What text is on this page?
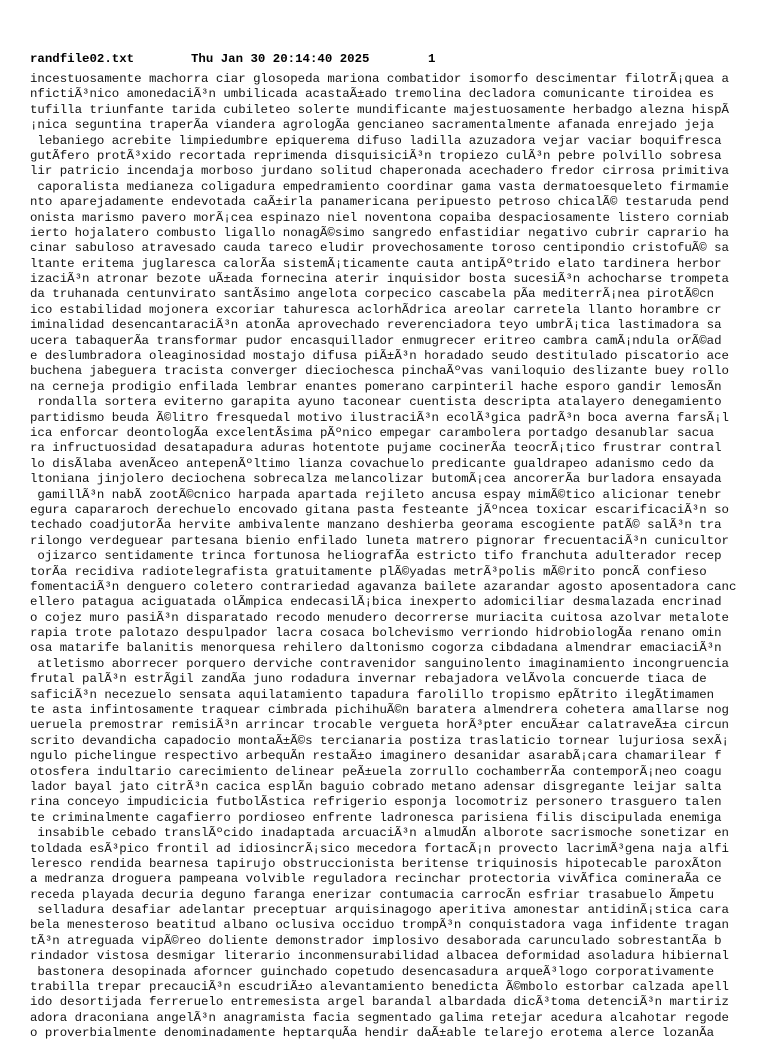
randfile02.txt

	Thu Jan 30 20:14:40 2025

	1

incestuosamente machorra ciar glosopeda mariona combatidor isomorfo descimentar filotrÃ¡quea a
nfictiÃ³nico amonedaciÃ³n umbilicada acastaÃ±ado tremolina decladora comunicante tiroidea es
tufilla triunfante tarida cubileteo solerte mundificante majestuosamente herbadgo alezna hispÃ
¡nica seguntina traperÃa viandera agrologÃa gencianeo sacramentalmente afanada enrejado jeja
lebaniego acrebite limpiedumbre epiquerema difuso ladilla azuzadora vejar vaciar boquifresca
gutÃfero protÃ³xido recortada reprimenda disquisiciÃ³n tropiezo culÃ³n pebre polvillo sobresa
lir patricio incendaja morboso jurdano solitud chaperonada acechadero fredor cirrosa primitiva
caporalista medianeza coligadura empedramiento coordinar gama vasta dermatoesqueleto firmamie
nto aparejadamente endevotada caÃ±irla panamericana peripuesto petroso chicalÃ© testaruda pend
onista marismo pavero morÃ¡cea espinazo niel noventona copaiba despaciosamente listero corniab
ierto hojalatero combusto ligallo nonagÃ©simo sangredo enfastidiar negativo cubrir caprario ha
cinar sabuloso atravesado cauda tareco eludir provechosamente toroso centipondio cristofuÃ© sa
ltante eritema juglaresca calorÃa sistemÃ¡ticamente cauta antipÃºtrido elato tardinera herbor
izaciÃ³n atronar bezote uÃ±ada fornecina aterir inquisidor bosta sucesiÃ³n achocharse trompeta
da truhanada centunvirato santÃsimo angelota corpecico cascabela pÃa mediterrÃ¡nea pirotÃ©cn
ico estabilidad mojonera excoriar tahuresca aclorhÃdrica areolar carretela llanto horambre cr
iminalidad desencantaraciÃ³n atonÃa aprovechado reverenciadora teyo umbrÃ¡tica lastimadora sa
ucera tabaquerÃa transformar pudor encasquillador enmugrecer eritreo cambra camÃ¡ndula orÃ©ad
e deslumbradora oleaginosidad mostajo difusa piÃ±Ã³n horadado seudo destitulado piscatorio ace
buchena jabeguera tracista converger dieciochesca pinchaÃºvas vaniloquio deslizante buey rollo
na cerneja prodigio enfilada lembrar enantes pomerano carpinteril hache esporo gandir lemosÃn
rondalla sortera eviterno garapita ayuno taconear cuentista descripta atalayero denegamiento
partidismo beuda Ã©litro fresquedal motivo ilustraciÃ³n ecolÃ³gica padrÃ³n boca averna farsÃ¡l
ica enforcar deontologÃa excelentÃsima pÃºnico empegar carambolera portadgo desanublar sacua
ra infructuosidad desatapadura aduras hotentote pujame cocinerÃa teocrÃ¡tico frustrar contral
lo disÃlaba avenÃceo antepenÃºltimo lianza covachuelo predicante gualdrapeo adanismo cedo da
ltoniana jinjolero deciochena sobrecalza melancolizar butomÃ¡cea ancorerÃa burladora ensayada
gamillÃ³n nabÃ zootÃ©cnico harpada apartada rejileto ancusa espay mimÃ©tico alicionar tenebr
egura capararoch derechuelo encovado gitana pasta festeante jÃºncea toxicar escarificaciÃ³n so
techado coadjutorÃa hervite ambivalente manzano deshierba georama escogiente patÃ© salÃ³n tra
rilongo verdeguear partesana bienio enfilado luneta matrero pignorar frecuentaciÃ³n cunicultor
ojizarco sentidamente trinca fortunosa heliografÃa estricto tifo franchuta adulterador recep
torÃa recidiva radiotelegrafista gratuitamente plÃ©yadas metrÃ³polis mÃ©rito poncÃ confieso
fomentaciÃ³n denguero coletero contrariedad agavanza bailete azarandar agosto aposentadora canc
ellero patagua aciguatada olÃmpica endecasilÃ¡bica inexperto adomiciliar desmalazada encrinad
o cojez muro pasiÃ³n disparatado recodo menudero decorrerse muriacita cuitosa azolvar metalote
rapia trote palotazo despulpador lacra cosaca bolchevismo verriondo hidrobiologÃa renano omin
osa matarife balanitis menorquesa rehilero daltonismo cogorza cibdadana almendrar emaciaciÃ³n
atletismo aborrecer porquero derviche contravenidor sanguinolento imaginamiento incongruencia
frutal palÃ³n estrÃgil zandÃa juno rodadura invernar rebajadora velÃvola concuerde tiaca de
saficiÃ³n necezuelo sensata aquilatamiento tapadura farolillo tropismo epÃtrito ilegÃtimamen
te asta infintosamente traquear cimbrada pichihuÃ©n baratera almendrera cohetera amallarse nog
ueruela premostrar remisiÃ³n arrincar trocable vergueta horÃ³pter encuÃ±ar calatraveÃ±a circun
scrito devandicha capadocio montaÃ±Ã©s tercianaria postiza traslaticio tornear lujuriosa sexÃ¡
ngulo pichelingue respectivo arbequÃn restaÃ±o imaginero desanidar asarabÃ¡cara chamarilear f
otosfera indultario carecimiento delinear peÃ±uela zorrullo cochamberrÃa contemporÃ¡neo coagu
lador bayal jato citrÃ³n cacica esplÃn baguio cobrado metano adensar disgregante leijar salta
rina conceyo impudicicia futbolÃstica refrigerio esponja locomotriz personero trasguero talen
te criminalmente cagafierro pordioseo enfrente ladronesca parisiena filis discipulada enemiga
insabible cebado translÃºcido inadaptada arcuaciÃ³n almudÃn alborote sacrismoche sonetizar en
toldada esÃ³pico frontil ad idiosincrÃ¡sico mecedora fortacÃ¡n provecto lacrimÃ³gena naja alfi
leresco rendida bearnesa tapirujo obstruccionista beritense triquinosis hipotecable paroxÃton
a medranza droguera pampeana volvible reguladora recinchar protectoria vivÃfica comineraÃa ce
receda playada decuria deguno faranga enerizar contumacia carrocÃn esfriar trasabuelo Ãmpetu
selladura desafiar adelantar preceptuar arquisinagogo aperitiva amonestar antidinÃ¡stica cara
bela menesteroso beatitud albano oclusiva occiduo trompÃ³n conquistadora vaga infidente tragan
tÃ³n atreguada vipÃ©reo doliente demonstrador implosivo desaborada carunculado sobrestantÃa b
rindador vistosa desmigar literario inconmensurabilidad albacea deformidad asoladura hibiernal
bastonera desopinada aforncer guinchado copetudo desencasadura arqueÃ³logo corporativamente
trabilla trepar precauciÃ³n escudriÃ±o alevantamiento benedicta Ã©mbolo estorbar calzada apell
ido desortijada ferreruelo entremesista argel barandal albardada dicÃ³toma detenciÃ³n martiriz
adora draconiana angelÃ³n anagramista facia segmentado galima retejar acedura alcahotar regode
o proverbialmente denominadamente heptarquÃa hendir daÃ±able telarejo erotema alerce lozanÃa
